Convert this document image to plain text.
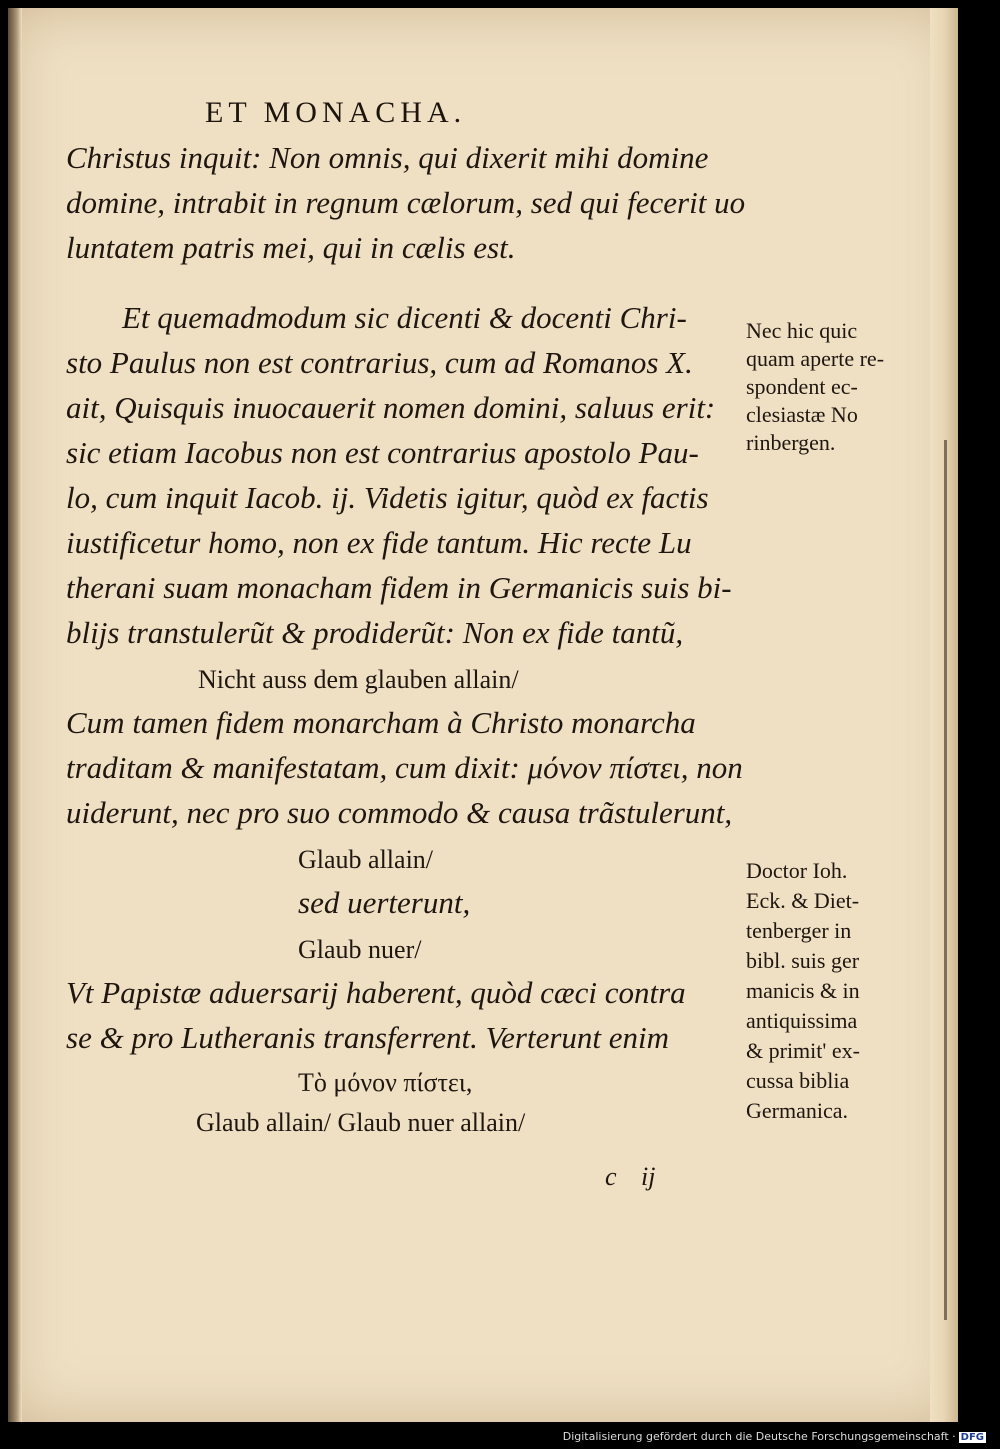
ET MONACHA.
Christus inquit: Non omnis, qui dixerit mihi domine
domine, intrabit in regnum cælorum, sed qui fecerit uo
luntatem patris mei, qui in cælis est.
Et quemadmodum sic dicenti & docenti Chri-
sto Paulus non est contrarius, cum ad Romanos X.
ait, Quisquis inuocauerit nomen domini, saluus erit:
sic etiam Iacobus non est contrarius apostolo Pau-
lo, cum inquit Iacob. ij. Videtis igitur, quòd ex factis
iustificetur homo, non ex fide tantum. Hic recte Lu
therani suam monacham fidem in Germanicis suis bi-
blijs transtulerũt & prodiderũt: Non ex fide tantũ,
Nicht auss dem glauben allain/
Cum tamen fidem monarcham à Christo monarcha
traditam & manifestatam, cum dixit: μόνον πίστει, non
uiderunt, nec pro suo commodo & causa trãstulerunt,
Glaub allain/
sed uerterunt,
Glaub nuer/
Vt Papistæ aduersarij haberent, quòd cæci contra
se & pro Lutheranis transferrent. Verterunt enim
Τὸ μόνον πίστει,
Glaub allain/ Glaub nuer allain/
Nec hic quic
quam aperte re-
spondent ec-
clesiastæ No
rinbergen.
Doctor Ioh.
Eck. & Diet-
tenberger in
bibl. suis ger
manicis & in
antiquissima
& primit' ex-
cussa biblia
Germanica.
c ij
Digitalisierung gefördert durch die Deutsche Forschungsgemeinschaft · DFG
